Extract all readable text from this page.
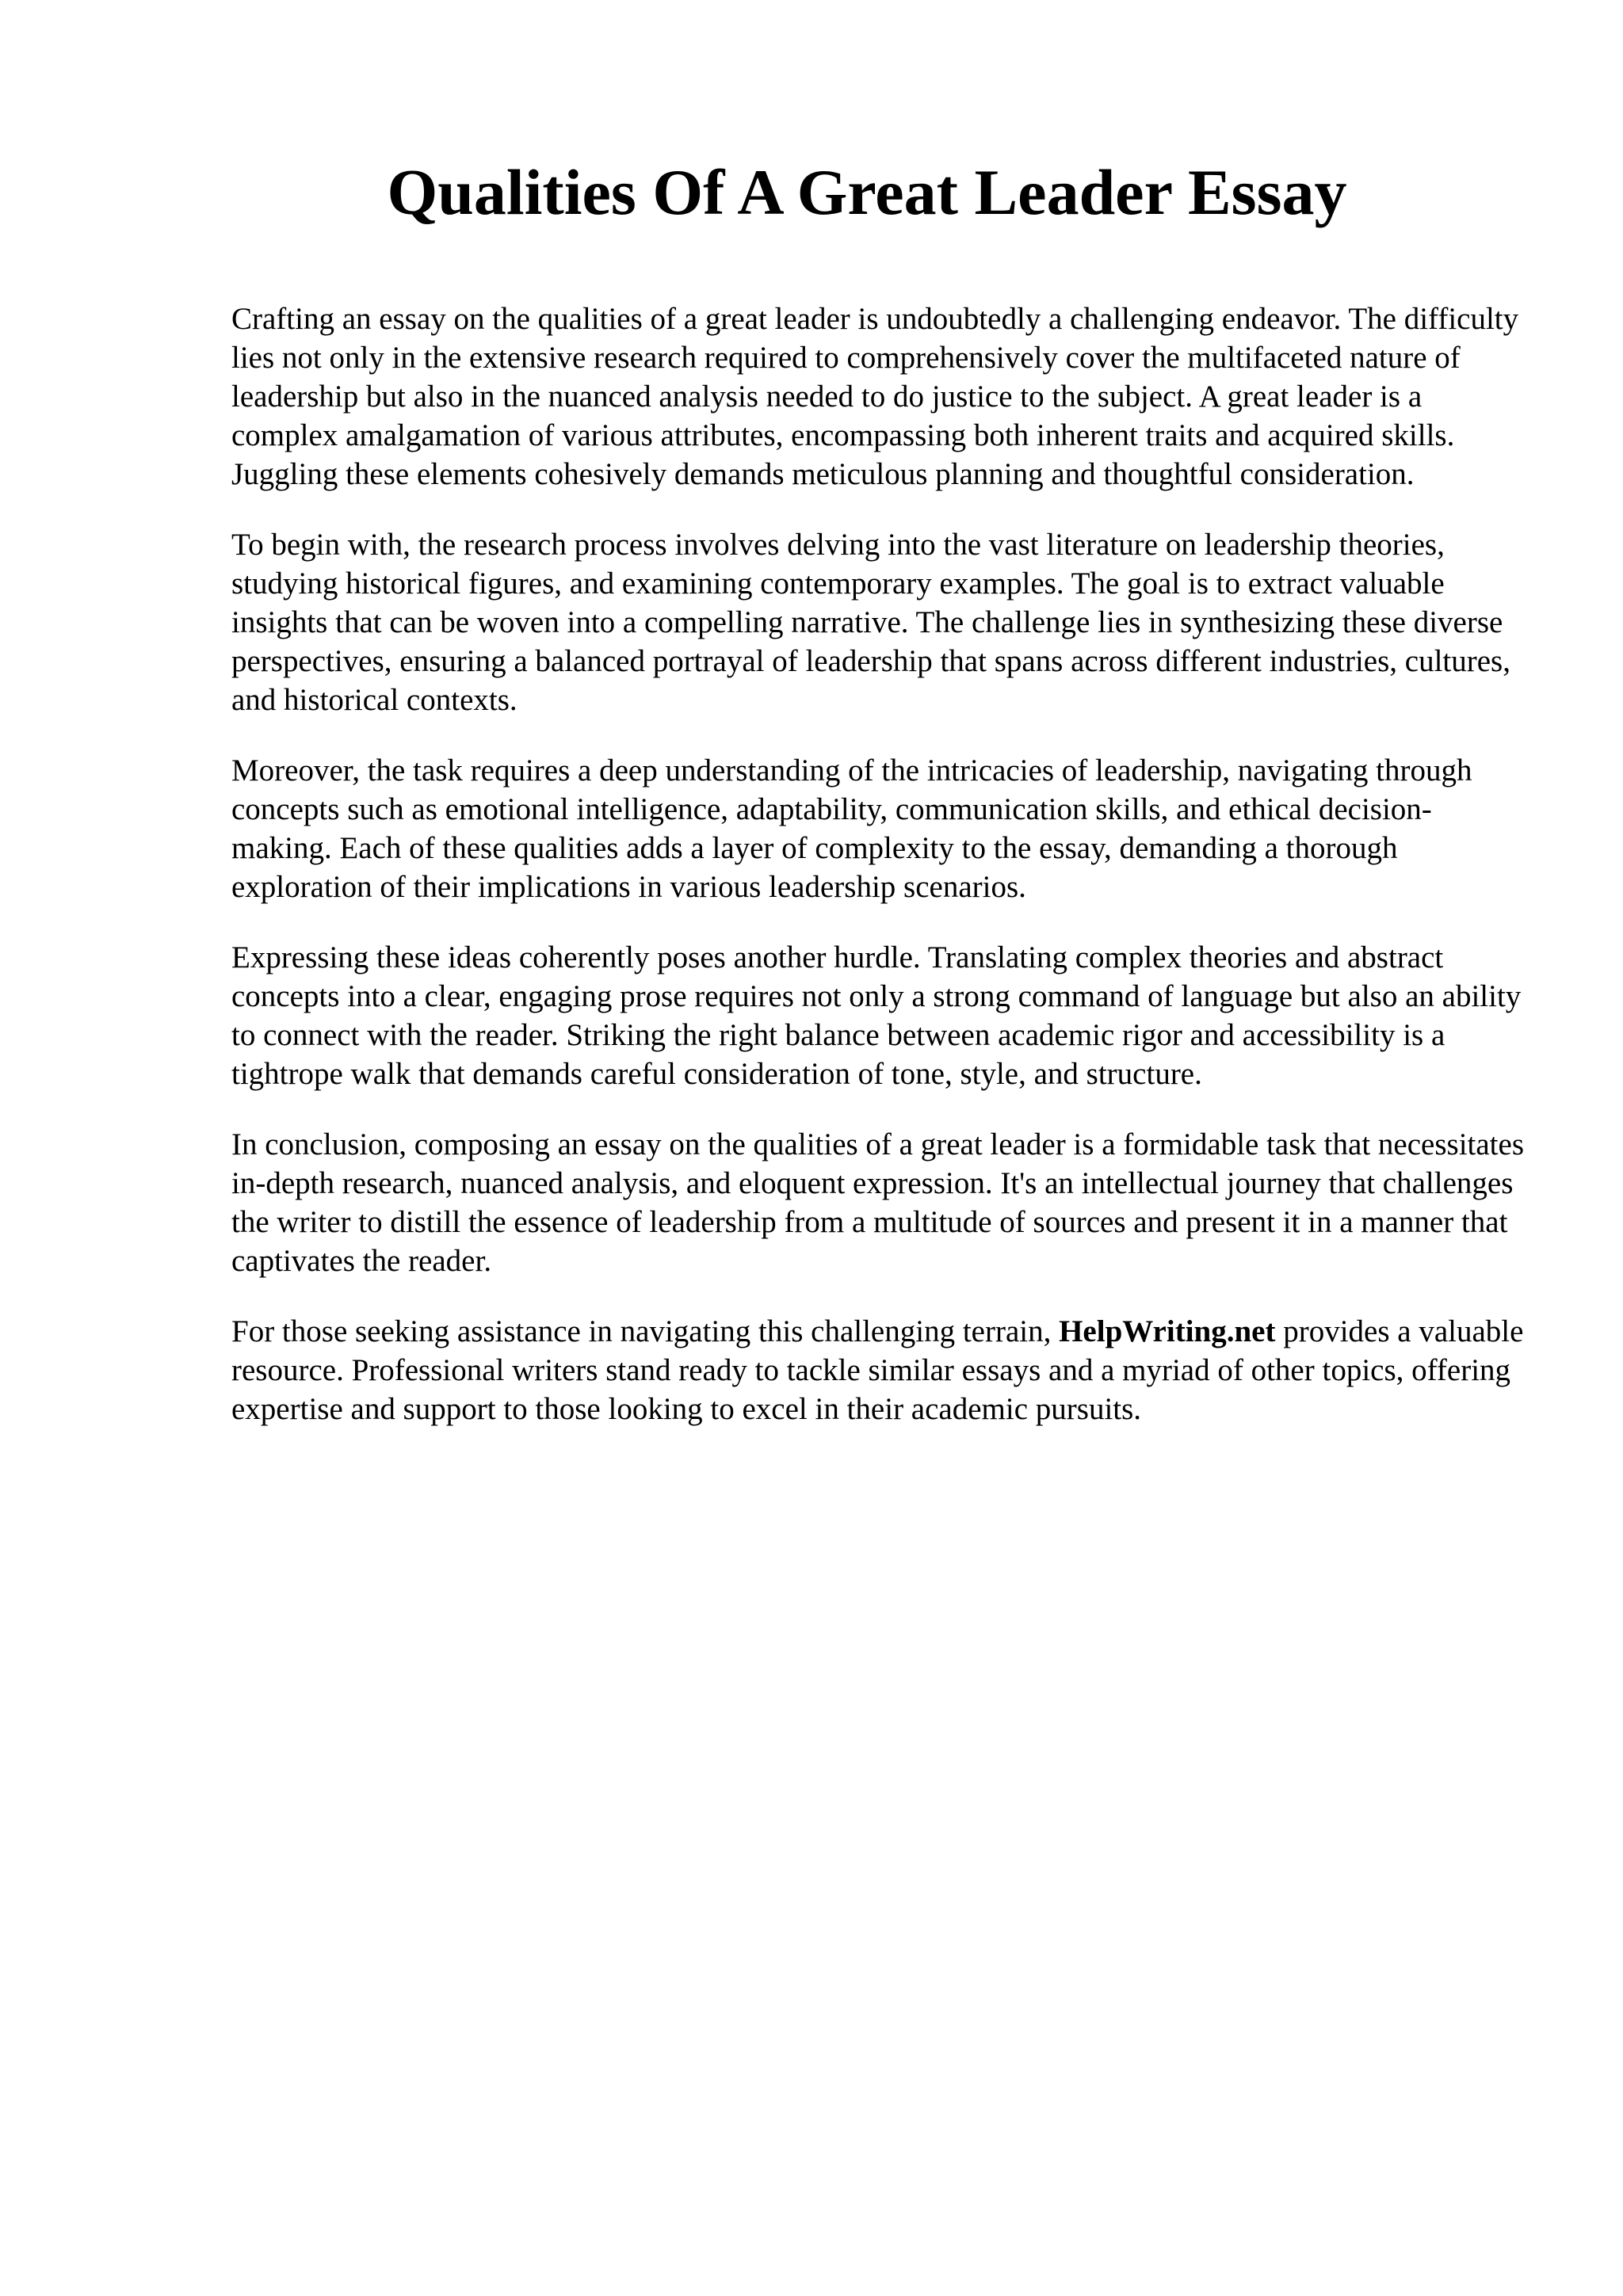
Qualities Of A Great Leader Essay

Crafting an essay on the qualities of a great leader is undoubtedly a challenging endeavor. The difficulty lies not only in the extensive research required to comprehensively cover the multifaceted nature of leadership but also in the nuanced analysis needed to do justice to the subject. A great leader is a complex amalgamation of various attributes, encompassing both inherent traits and acquired skills. Juggling these elements cohesively demands meticulous planning and thoughtful consideration.

To begin with, the research process involves delving into the vast literature on leadership theories, studying historical figures, and examining contemporary examples. The goal is to extract valuable insights that can be woven into a compelling narrative. The challenge lies in synthesizing these diverse perspectives, ensuring a balanced portrayal of leadership that spans across different industries, cultures, and historical contexts.

Moreover, the task requires a deep understanding of the intricacies of leadership, navigating through concepts such as emotional intelligence, adaptability, communication skills, and ethical decision-making. Each of these qualities adds a layer of complexity to the essay, demanding a thorough exploration of their implications in various leadership scenarios.

Expressing these ideas coherently poses another hurdle. Translating complex theories and abstract concepts into a clear, engaging prose requires not only a strong command of language but also an ability to connect with the reader. Striking the right balance between academic rigor and accessibility is a tightrope walk that demands careful consideration of tone, style, and structure.

In conclusion, composing an essay on the qualities of a great leader is a formidable task that necessitates in-depth research, nuanced analysis, and eloquent expression. It's an intellectual journey that challenges the writer to distill the essence of leadership from a multitude of sources and present it in a manner that captivates the reader.

For those seeking assistance in navigating this challenging terrain, HelpWriting.net provides a valuable resource. Professional writers stand ready to tackle similar essays and a myriad of other topics, offering expertise and support to those looking to excel in their academic pursuits.
